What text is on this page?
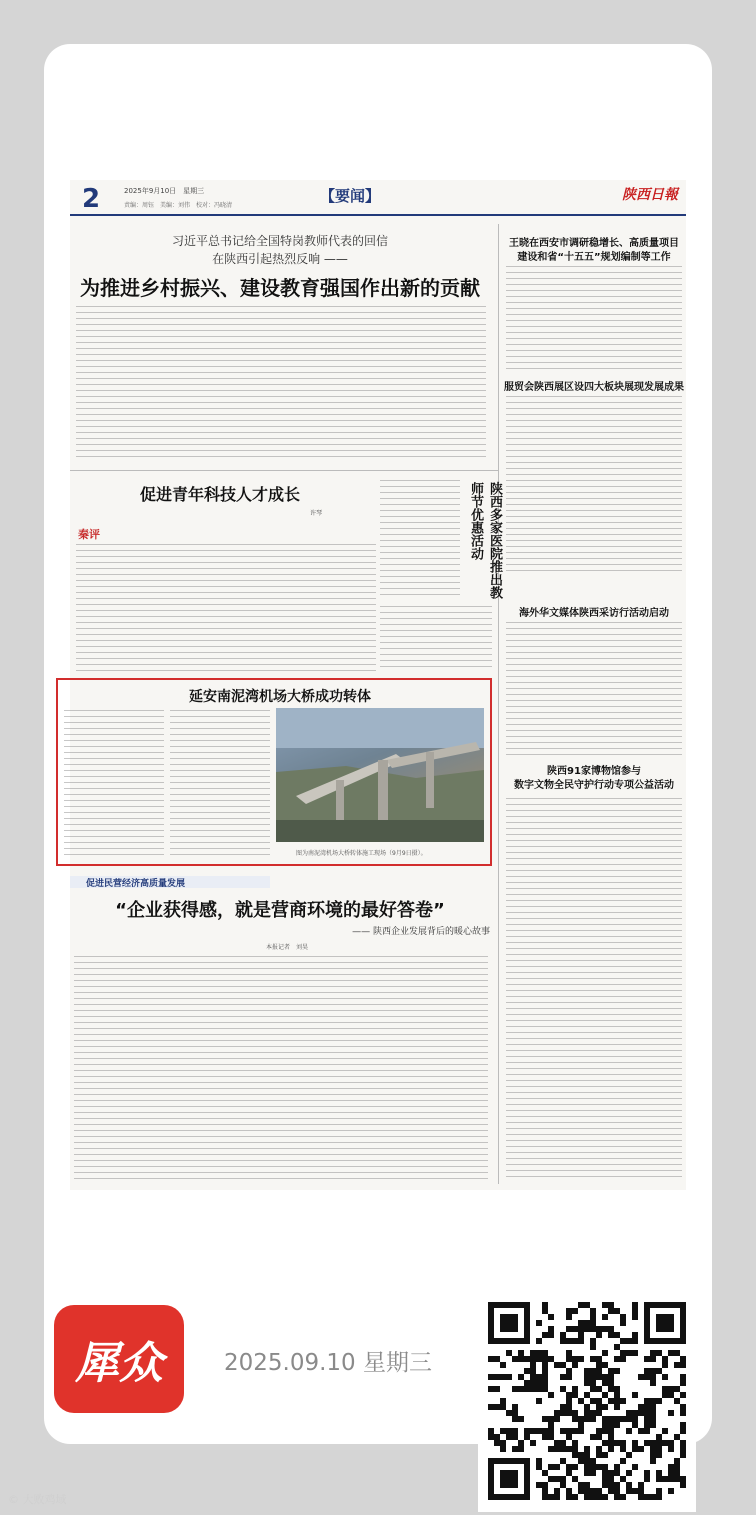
2	2025年9月10日　星期三
责编：周钰　美编：刘伟　校对：冯晓清
【要闻】	陕西日報
习近平总书记给全国特岗教师代表的回信
在陕西引起热烈反响 ——
为推进乡村振兴、建设教育强国作出新的贡献
王晓在西安市调研稳增长、高质量项目
建设和省“十五五”规划编制等工作
服贸会陕西展区设四大板块展现发展成果
海外华文媒体陕西采访行活动启动
陕西91家博物馆参与
数字文物全民守护行动专项公益活动
促进青年科技人才成长
许琴
秦评	陕西多家医院推出教师节优惠活动
延安南泥湾机场大桥成功转体
图为南泥湾机场大桥转体施工现场（9月9日摄）。
促进民营经济高质量发展
“企业获得感，就是营商环境的最好答卷”
—— 陕西企业发展背后的暖心故事
本报记者　刘昊
犀众	2025.09.10 星期三
© 大败鸡域
